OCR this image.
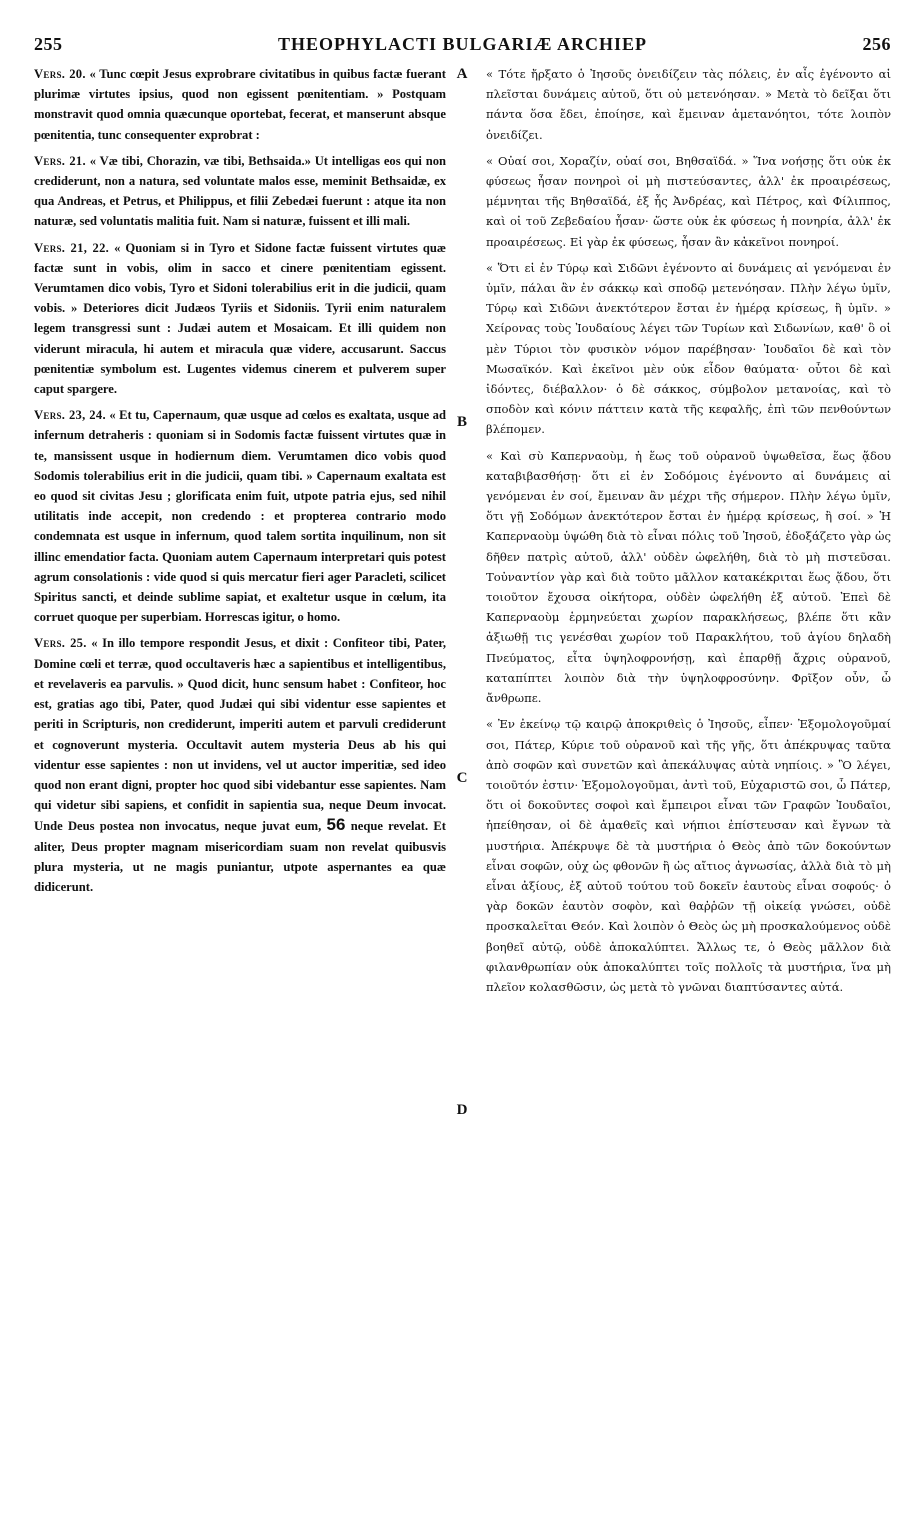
255	THEOPHYLACTI BULGARIÆ ARCHIEP	256
A
B
C
D

Vers. 20. « Tunc cœpit Jesus exprobrare civitatibus in quibus factæ fuerant plurimæ virtutes ipsius, quod non egissent pœnitentiam. » Postquam monstravit quod omnia quæcunque oportebat, fecerat, et manserunt absque pœnitentia, tunc consequenter exprobrat :

Vers. 21. « Væ tibi, Chorazin, væ tibi, Bethsaida.» Ut intelligas eos qui non crediderunt, non a natura, sed voluntate malos esse, meminit Bethsaidæ, ex qua Andreas, et Petrus, et Philippus, et filii Zebedæi fuerunt : atque ita non naturæ, sed voluntatis malitia fuit. Nam si naturæ, fuissent et illi mali.

Vers. 21, 22. « Quoniam si in Tyro et Sidone factæ fuissent virtutes quæ factæ sunt in vobis, olim in sacco et cinere pœnitentiam egissent. Verumtamen dico vobis, Tyro et Sidoni tolerabilius erit in die judicii, quam vobis. » Deteriores dicit Judæos Tyriis et Sidoniis. Tyrii enim naturalem legem transgressi sunt : Judæi autem et Mosaicam. Et illi quidem non viderunt miracula, hi autem et miracula quæ videre, accusarunt. Saccus pœnitentiæ symbolum est. Lugentes videmus cinerem et pulverem super caput spargere.

Vers. 23, 24. « Et tu, Capernaum, quæ usque ad cœlos es exaltata, usque ad infernum detraheris : quoniam si in Sodomis factæ fuissent virtutes quæ in te, mansissent usque in hodiernum diem. Verumtamen dico vobis quod Sodomis tolerabilius erit in die judicii, quam tibi. » Capernaum exaltata est eo quod sit civitas Jesu ; glorificata enim fuit, utpote patria ejus, sed nihil utilitatis inde accepit, non credendo : et propterea contrario modo condemnata est usque in infernum, quod talem sortita inquilinum, non sit illinc emendatior facta. Quoniam autem Capernaum interpretari quis potest agrum consolationis : vide quod si quis mercatur fieri ager Paracleti, scilicet Spiritus sancti, et deinde sublime sapiat, et exaltetur usque in cœlum, ita corruet quoque per superbiam. Horrescas igitur, o homo.

Vers. 25. « In illo tempore respondit Jesus, et dixit : Confiteor tibi, Pater, Domine cœli et terræ, quod occultaveris hæc a sapientibus et intelligentibus, et revelaveris ea parvulis. » Quod dicit, hunc sensum habet : Confiteor, hoc est, gratias ago tibi, Pater, quod Judæi qui sibi videntur esse sapientes et periti in Scripturis, non crediderunt, imperiti autem et parvuli crediderunt et cognoverunt mysteria. Occultavit autem mysteria Deus ab his qui videntur esse sapientes : non ut invidens, vel ut auctor imperitiæ, sed ideo quod non erant digni, propter hoc quod sibi videbantur esse sapientes. Nam qui videtur sibi sapiens, et confidit in sapientia sua, neque Deum invocat. Unde Deus postea non invocatus, neque juvat eum, 56 neque revelat. Et aliter, Deus propter magnam misericordiam suam non revelat quibusvis plura mysteria, ut ne magis puniantur, utpote aspernantes ea quæ didicerunt.

« Τότε ἤρξατο ὁ Ἰησοῦς ὀνειδίζειν τὰς πόλεις, ἐν αἷς ἐγένοντο αἱ πλεῖσται δυνάμεις αὐτοῦ, ὅτι οὐ μετενόησαν. » Μετὰ τὸ δεῖξαι ὅτι πάντα ὅσα ἔδει, ἐποίησε, καὶ ἔμειναν ἀμετανόητοι, τότε λοιπὸν ὀνειδίζει.

« Οὐαί σοι, Χοραζίν, οὐαί σοι, Βηθσαϊδά. » Ἵνα νοήσῃς ὅτι οὐκ ἐκ φύσεως ἦσαν πονηροὶ οἱ μὴ πιστεύσαντες, ἀλλ' ἐκ προαιρέσεως, μέμνηται τῆς Βηθσαϊδά, ἐξ ἧς Ἀνδρέας, καὶ Πέτρος, καὶ Φίλιππος, καὶ οἱ τοῦ Ζεβεδαίου ἦσαν· ὥστε οὐκ ἐκ φύσεως ἡ πονηρία, ἀλλ' ἐκ προαιρέσεως. Εἰ γὰρ ἐκ φύσεως, ἦσαν ἂν κἀκεῖνοι πονηροί.

« Ὅτι εἰ ἐν Τύρῳ καὶ Σιδῶνι ἐγένοντο αἱ δυνάμεις αἱ γενόμεναι ἐν ὑμῖν, πάλαι ἂν ἐν σάκκῳ καὶ σποδῷ μετενόησαν. Πλὴν λέγω ὑμῖν, Τύρῳ καὶ Σιδῶνι ἀνεκτότερον ἔσται ἐν ἡμέρᾳ κρίσεως, ἢ ὑμῖν. » Χείρονας τοὺς Ἰουδαίους λέγει τῶν Τυρίων καὶ Σιδωνίων, καθ' ὃ οἱ μὲν Τύριοι τὸν φυσικὸν νόμον παρέβησαν· Ἰουδαῖοι δὲ καὶ τὸν Μωσαϊκόν. Καὶ ἐκεῖνοι μὲν οὐκ εἶδον θαύματα· οὗτοι δὲ καὶ ἰδόντες, διέβαλλον· ὁ δὲ σάκκος, σύμβολον μετανοίας, καὶ τὸ σποδὸν καὶ κόνιν πάττειν κατὰ τῆς κεφαλῆς, ἐπὶ τῶν πενθούντων βλέπομεν.

« Καὶ σὺ Καπερναοὺμ, ἡ ἕως τοῦ οὐρανοῦ ὑψωθεῖσα, ἕως ᾅδου καταβιβασθήσῃ· ὅτι εἰ ἐν Σοδόμοις ἐγένοντο αἱ δυνάμεις αἱ γενόμεναι ἐν σοί, ἔμειναν ἂν μέχρι τῆς σήμερον. Πλὴν λέγω ὑμῖν, ὅτι γῇ Σοδόμων ἀνεκτότερον ἔσται ἐν ἡμέρᾳ κρίσεως, ἢ σοί. » Ἡ Καπερναοὺμ ὑψώθη διὰ τὸ εἶναι πόλις τοῦ Ἰησοῦ, ἐδοξάζετο γὰρ ὡς δῆθεν πατρὶς αὐτοῦ, ἀλλ' οὐδὲν ὠφελήθη, διὰ τὸ μὴ πιστεῦσαι. Τοὐναντίον γὰρ καὶ διὰ τοῦτο μᾶλλον κατακέκριται ἕως ᾅδου, ὅτι τοιοῦτον ἔχουσα οἰκήτορα, οὐδὲν ὠφελήθη ἐξ αὐτοῦ. Ἐπεὶ δὲ Καπερναοὺμ ἑρμηνεύεται χωρίον παρακλήσεως, βλέπε ὅτι κἂν ἀξιωθῇ τις γενέσθαι χωρίον τοῦ Παρακλήτου, τοῦ ἁγίου δηλαδὴ Πνεύματος, εἶτα ὑψηλοφρονήσῃ, καὶ ἐπαρθῇ ἄχρις οὐρανοῦ, καταπίπτει λοιπὸν διὰ τὴν ὑψηλοφροσύνην. Φρῖξον οὖν, ὦ ἄνθρωπε.

« Ἐν ἐκείνῳ τῷ καιρῷ ἀποκριθεὶς ὁ Ἰησοῦς, εἶπεν· Ἐξομολογοῦμαί σοι, Πάτερ, Κύριε τοῦ οὐρανοῦ καὶ τῆς γῆς, ὅτι ἀπέκρυψας ταῦτα ἀπὸ σοφῶν καὶ συνετῶν καὶ ἀπεκάλυψας αὐτὰ νηπίοις. » Ὃ λέγει, τοιοῦτόν ἐστιν· Ἐξομολογοῦμαι, ἀντὶ τοῦ, Εὐχαριστῶ σοι, ὦ Πάτερ, ὅτι οἱ δοκοῦντες σοφοὶ καὶ ἔμπειροι εἶναι τῶν Γραφῶν Ἰουδαῖοι, ἠπείθησαν, οἱ δὲ ἀμαθεῖς καὶ νήπιοι ἐπίστευσαν καὶ ἔγνων τὰ μυστήρια. Ἀπέκρυψε δὲ τὰ μυστήρια ὁ Θεὸς ἀπὸ τῶν δοκούντων εἶναι σοφῶν, οὐχ ὡς φθονῶν ἢ ὡς αἴτιος ἀγνωσίας, ἀλλὰ διὰ τὸ μὴ εἶναι ἀξίους, ἐξ αὐτοῦ τούτου τοῦ δοκεῖν ἑαυτοὺς εἶναι σοφούς· ὁ γὰρ δοκῶν ἑαυτὸν σοφὸν, καὶ θαῤῥῶν τῇ οἰκείᾳ γνώσει, οὐδὲ προσκαλεῖται Θεόν. Καὶ λοιπὸν ὁ Θεὸς ὡς μὴ προσκαλούμενος οὐδὲ βοηθεῖ αὐτῷ, οὐδὲ ἀποκαλύπτει. Ἄλλως τε, ὁ Θεὸς μᾶλλον διὰ φιλανθρωπίαν οὐκ ἀποκαλύπτει τοῖς πολλοῖς τὰ μυστήρια, ἵνα μὴ πλεῖον κολασθῶσιν, ὡς μετὰ τὸ γνῶναι διαπτύσαντες αὐτά.
